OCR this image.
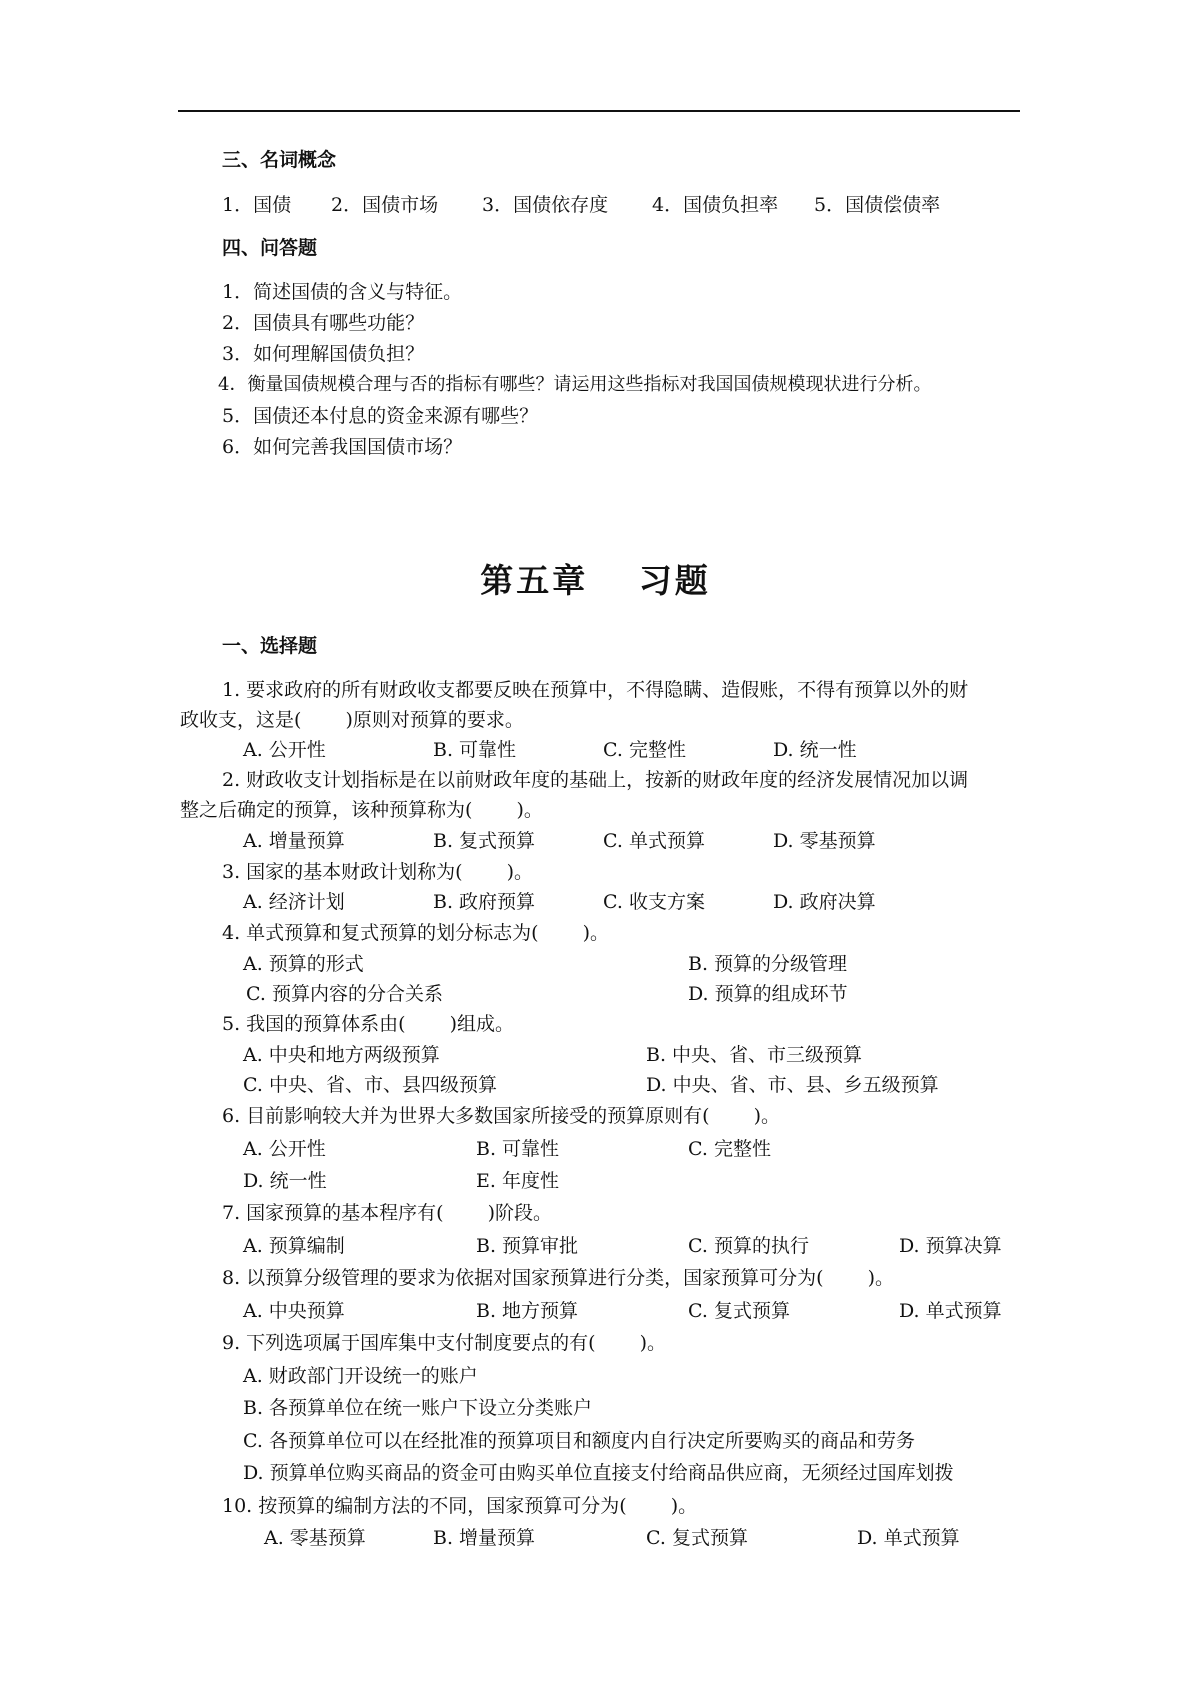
三、名词概念
1．国债 2．国债市场 3．国债依存度 4．国债负担率 5．国债偿债率
四、问答题
1．简述国债的含义与特征。
2．国债具有哪些功能？
3．如何理解国债负担？
4．衡量国债规模合理与否的指标有哪些？请运用这些指标对我国国债规模现状进行分析。
5．国债还本付息的资金来源有哪些？
6．如何完善我国国债市场？
第五章　 习题
一、选择题
1. 要求政府的所有财政收支都要反映在预算中，不得隐瞒、造假账，不得有预算以外的财
政收支，这是(　　 )原则对预算的要求。
A. 公开性	B. 可靠性	C. 完整性	D. 统一性
2. 财政收支计划指标是在以前财政年度的基础上，按新的财政年度的经济发展情况加以调
整之后确定的预算，该种预算称为(　　 )。
A. 增量预算	B. 复式预算	C. 单式预算	D. 零基预算
3. 国家的基本财政计划称为(　　 )。
A. 经济计划	B. 政府预算	C. 收支方案	D. 政府决算
4. 单式预算和复式预算的划分标志为(　　 )。
A. 预算的形式	B. 预算的分级管理
C. 预算内容的分合关系	D. 预算的组成环节
5. 我国的预算体系由(　　 )组成。
A. 中央和地方两级预算	B. 中央、省、市三级预算
C. 中央、省、市、县四级预算	D. 中央、省、市、县、乡五级预算
6. 目前影响较大并为世界大多数国家所接受的预算原则有(　　 )。
A. 公开性	B. 可靠性	C. 完整性
D. 统一性	E. 年度性
7. 国家预算的基本程序有(　　 )阶段。
A. 预算编制	B. 预算审批	C. 预算的执行	D. 预算决算
8. 以预算分级管理的要求为依据对国家预算进行分类，国家预算可分为(　　 )。
A. 中央预算	B. 地方预算	C. 复式预算	D. 单式预算
9. 下列选项属于国库集中支付制度要点的有(　　 )。
A. 财政部门开设统一的账户
B. 各预算单位在统一账户下设立分类账户
C. 各预算单位可以在经批准的预算项目和额度内自行决定所要购买的商品和劳务
D. 预算单位购买商品的资金可由购买单位直接支付给商品供应商，无须经过国库划拨
10. 按预算的编制方法的不同，国家预算可分为(　　 )。
A. 零基预算	B. 增量预算	C. 复式预算	D. 单式预算
